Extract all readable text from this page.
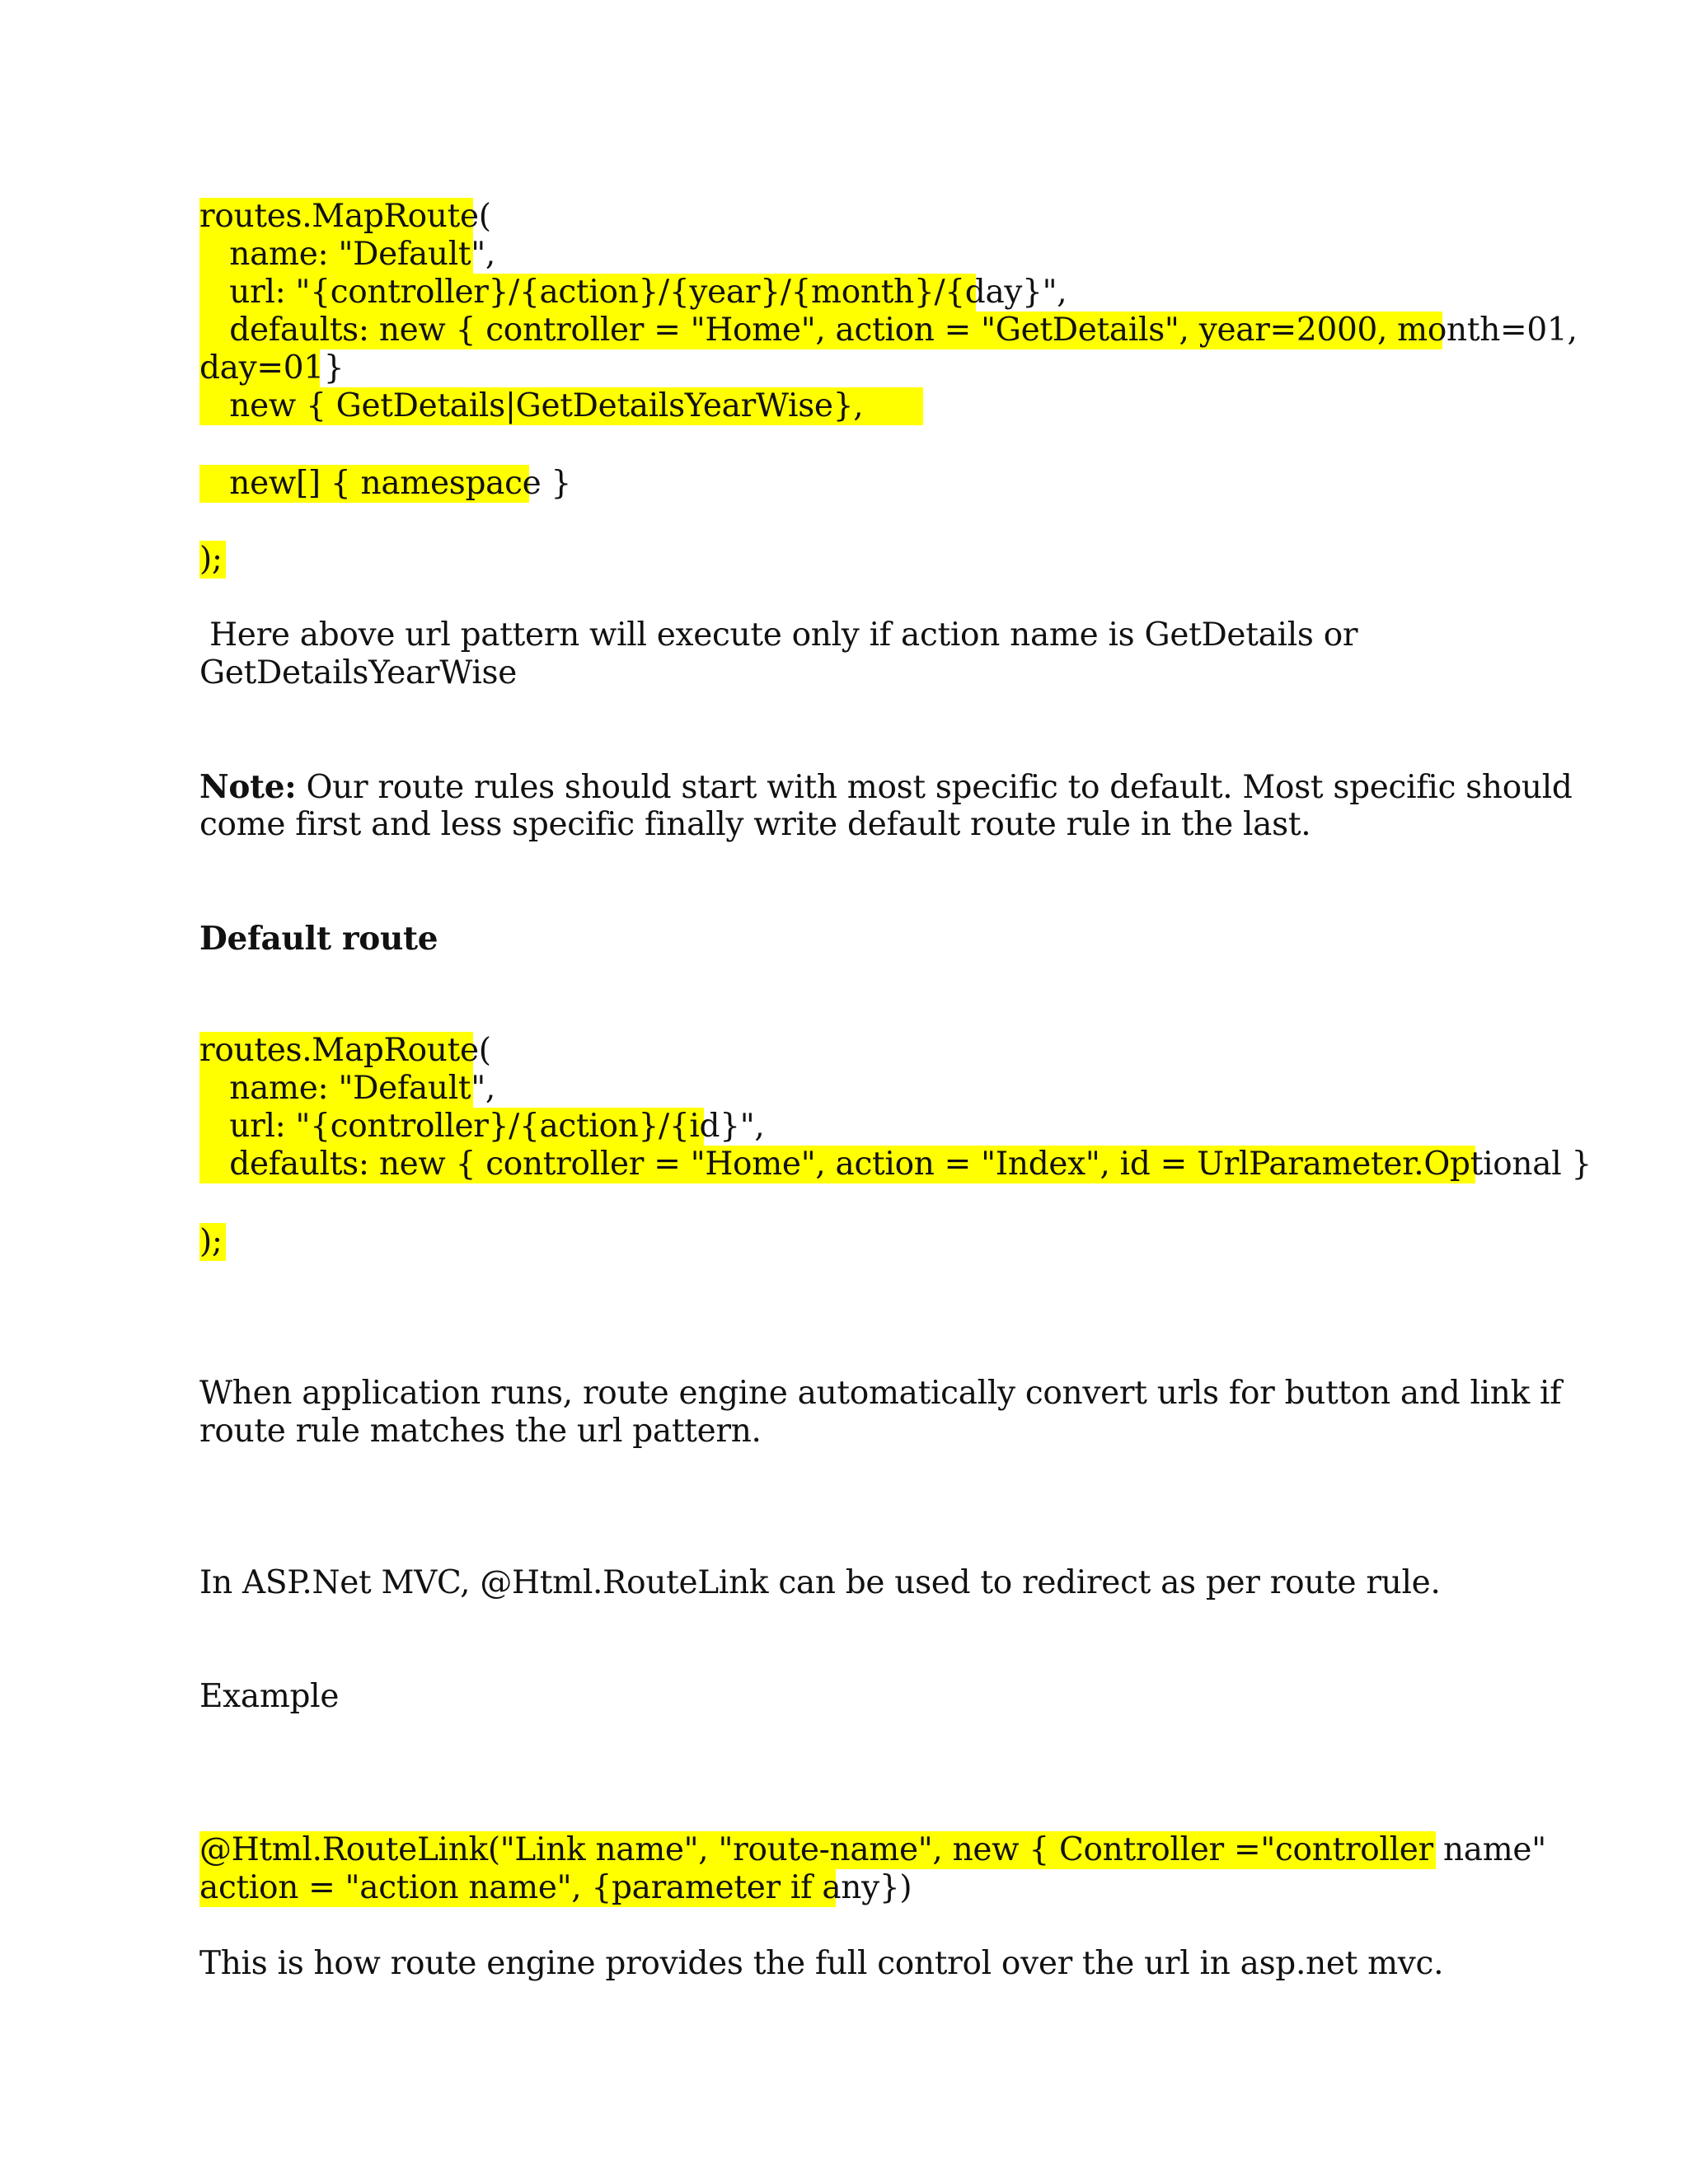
routes.MapRoute(
name: "Default",
url: "{controller}/{action}/{year}/{month}/{day}",
defaults: new { controller = "Home", action = "GetDetails", year=2000, month=01,
day=01}
new { GetDetails|GetDetailsYearWise},
new[] { namespace }
);
Here above url pattern will execute only if action name is GetDetails or
GetDetailsYearWise
Note: Our route rules should start with most specific to default. Most specific should
come first and less specific finally write default route rule in the last.
Default route
routes.MapRoute(
name: "Default",
url: "{controller}/{action}/{id}",
defaults: new { controller = "Home", action = "Index", id = UrlParameter.Optional }
);
When application runs, route engine automatically convert urls for button and link if
route rule matches the url pattern.
In ASP.Net MVC, @Html.RouteLink can be used to redirect as per route rule.
Example
@Html.RouteLink("Link name", "route-name", new { Controller ="controller name"
action = "action name", {parameter if any})
This is how route engine provides the full control over the url in asp.net mvc.
